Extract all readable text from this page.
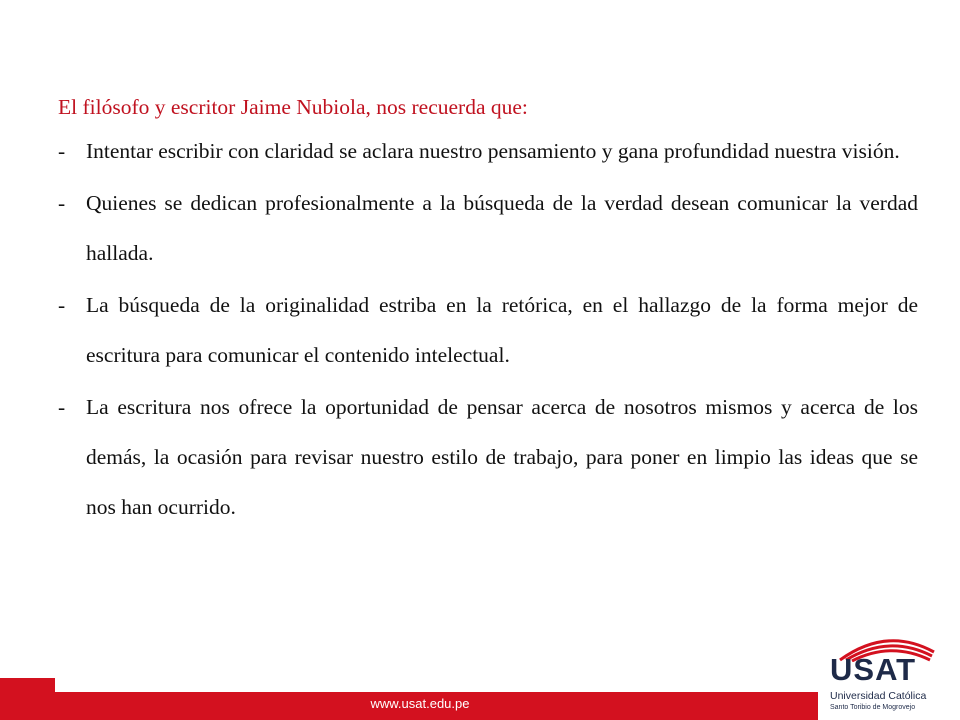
El filósofo y escritor Jaime Nubiola, nos recuerda que:

- Intentar escribir con claridad se aclara nuestro pensamiento y gana profundidad nuestra visión.
- Quienes se dedican profesionalmente a la búsqueda de la verdad desean comunicar la verdad hallada.
- La búsqueda de la originalidad estriba en la retórica, en el hallazgo de la forma mejor de escritura para comunicar el contenido intelectual.
- La escritura nos ofrece la oportunidad de pensar acerca de nosotros mismos y acerca de los demás, la ocasión para revisar nuestro estilo de trabajo, para poner en limpio las ideas que se nos han ocurrido.
www.usat.edu.pe
USAT
Universidad Católica
Santo Toribio de Mogrovejo
